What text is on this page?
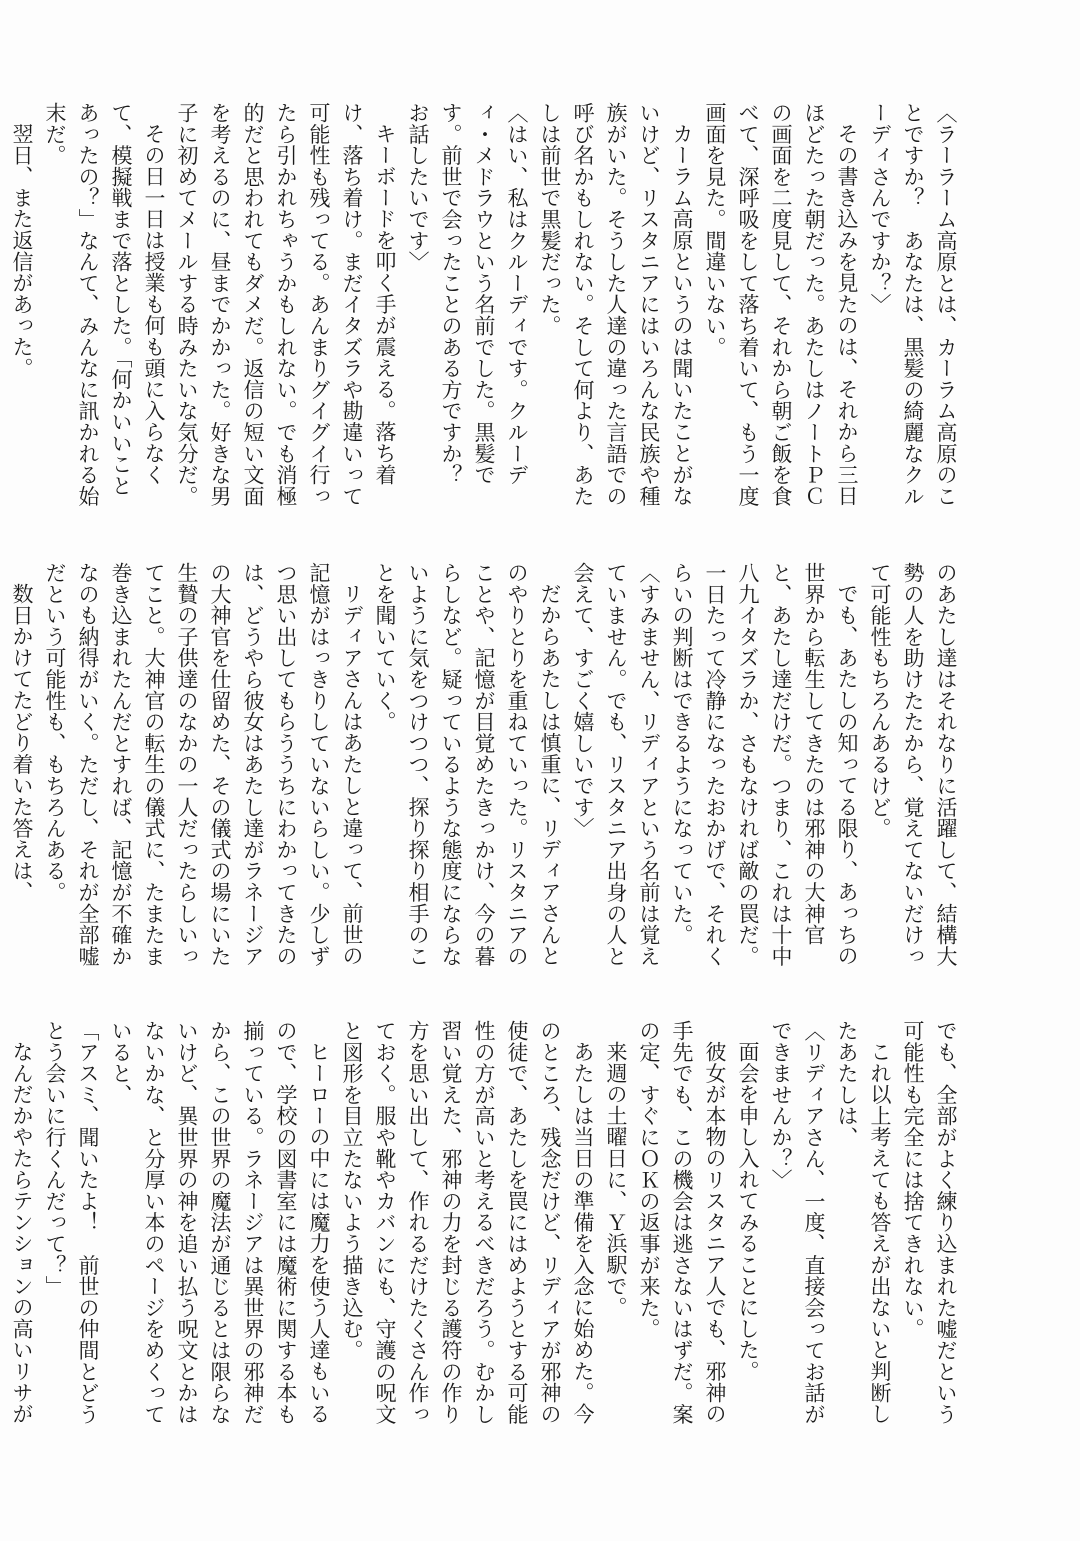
〈ラーラーム高原とは、カーラム高原のことですか？　あなたは、黒髪の綺麗なクルーディさんですか？〉

その書き込みを見たのは、それから三日ほどたった朝だった。あたしはノートＰＣの画面を二度見して、それから朝ご飯を食べて、深呼吸をして落ち着いて、もう一度画面を見た。間違いない。

カーラム高原というのは聞いたことがないけど、リスタニアにはいろんな民族や種族がいた。そうした人達の違った言語での呼び名かもしれない。そして何より、あたしは前世で黒髪だった。

〈はい、私はクルーディです。クルーディ・メドラウという名前でした。黒髪です。前世で会ったことのある方ですか？　お話したいです〉

キーボードを叩く手が震える。落ち着け、落ち着け。まだイタズラや勘違いって可能性も残ってる。あんまりグイグイ行ったら引かれちゃうかもしれない。でも消極的だと思われてもダメだ。返信の短い文面を考えるのに、昼までかかった。好きな男子に初めてメールする時みたいな気分だ。

その日一日は授業も何も頭に入らなくて、模擬戦まで落とした。「何かいいことあったの？」なんて、みんなに訊かれる始末だ。

翌日、また返信があった。

のあたし達はそれなりに活躍して、結構大勢の人を助けたたから、覚えてないだけって可能性もちろんあるけど。

でも、あたしの知ってる限り、あっちの世界から転生してきたのは邪神の大神官と、あたし達だけだ。つまり、これは十中八九イタズラか、さもなければ敵の罠だ。一日たって冷静になったおかげで、それくらいの判断はできるようになっていた。

〈すみません、リディアという名前は覚えていません。でも、リスタニア出身の人と会えて、すごく嬉しいです〉

だからあたしは慎重に、リディアさんとのやりとりを重ねていった。リスタニアのことや、記憶が目覚めたきっかけ、今の暮らしなど。疑っているような態度にならないように気をつけつつ、探り探り相手のことを聞いていく。

リディアさんはあたしと違って、前世の記憶がはっきりしていないらしい。少しずつ思い出してもらううちにわかってきたのは、どうやら彼女はあたし達がラネージアの大神官を仕留めた、その儀式の場にいた生贄の子供達のなかの一人だったらしいってこと。大神官の転生の儀式に、たまたま巻き込まれたんだとすれば、記憶が不確かなのも納得がいく。ただし、それが全部嘘だという可能性も、もちろんある。

数日かけてたどり着いた答えは、

でも、全部がよく練り込まれた嘘だという可能性も完全には捨てきれない。

これ以上考えても答えが出ないと判断したあたしは、

〈リディアさん、一度、直接会ってお話ができませんか？〉

面会を申し入れてみることにした。

彼女が本物のリスタニア人でも、邪神の手先でも、この機会は逃さないはずだ。案の定、すぐにＯＫの返事が来た。

来週の土曜日に、Ｙ浜駅で。

あたしは当日の準備を入念に始めた。今のところ、残念だけど、リディアが邪神の使徒で、あたしを罠にはめようとする可能性の方が高いと考えるべきだろう。むかし習い覚えた、邪神の力を封じる護符の作り方を思い出して、作れるだけたくさん作っておく。服や靴やカバンにも、守護の呪文と図形を目立たないよう描き込む。

ヒーローの中には魔力を使う人達もいるので、学校の図書室には魔術に関する本も揃っている。ラネージアは異世界の邪神だから、この世界の魔法が通じるとは限らないけど、異世界の神を追い払う呪文とかはないかな、と分厚い本のページをめくっていると、

「アスミ、聞いたよ！　前世の仲間とどうとう会いに行くんだって？」

なんだかやたらテンションの高いリサが
